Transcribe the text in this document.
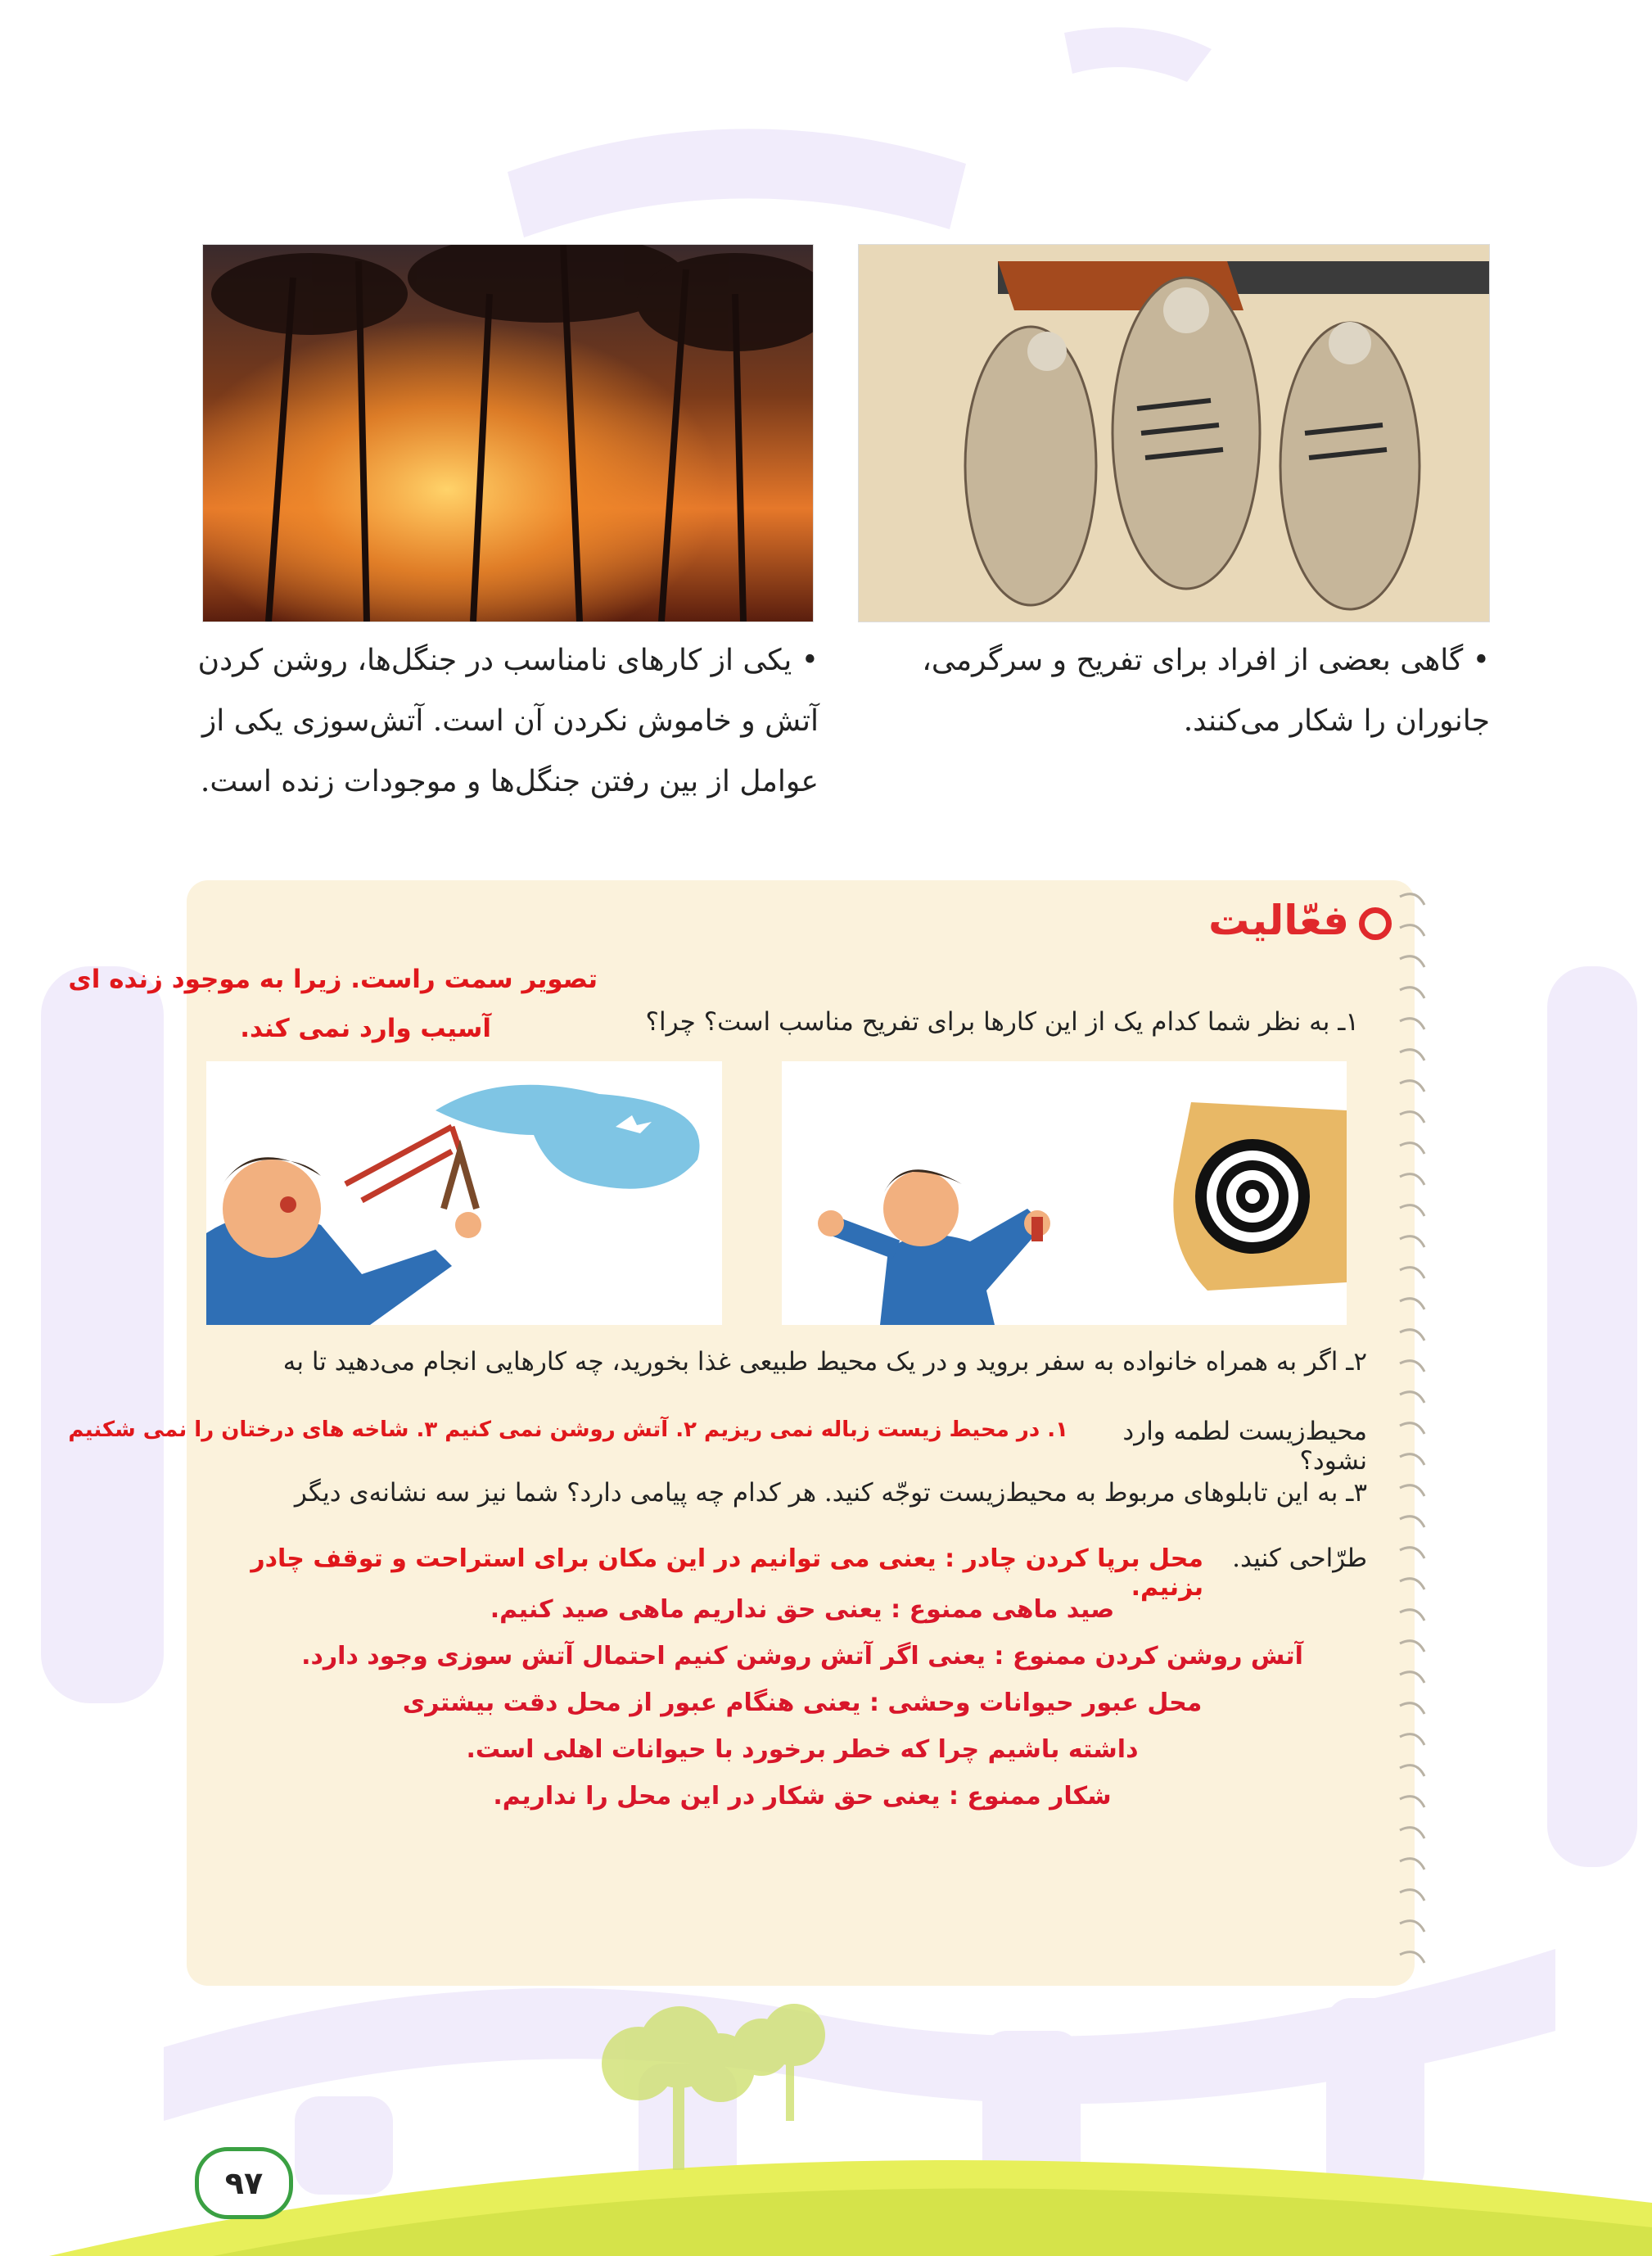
• یکی از کارهای نامناسب در جنگل‌ها، روشن کردن آتش و خاموش نکردن آن است. آتش‌سوزی یکی از عوامل از بین رفتن جنگل‌ها و موجودات زنده است.
• گاهی بعضی از افراد برای تفریح و سرگرمی، جانوران را شکار می‌کنند.
فعّالیت
تصویر سمت راست. زیرا به موجود زنده ای
آسیب وارد نمی کند.	۱ـ به نظر شما کدام یک از این کارها برای تفریح مناسب است؟ چرا؟
۲ـ اگر به همراه خانواده به سفر بروید و در یک محیط طبیعی غذا بخورید، چه کارهایی انجام می‌دهید تا به
محیط‌زیست لطمه وارد نشود؟
۱. در محیط زیست زباله نمی ریزیم ۲. آتش روشن نمی کنیم ۳. شاخه های درختان را نمی شکنیم
۳ـ به این تابلوهای مربوط به محیط‌زیست توجّه کنید. هر کدام چه پیامی دارد؟ شما نیز سه نشانه‌ی دیگر
طرّاحی کنید.
محل برپا کردن چادر : یعنی می توانیم در این مکان برای استراحت و توقف چادر بزنیم.
صید ماهی ممنوع : یعنی حق نداریم ماهی صید کنیم.
آتش روشن کردن ممنوع : یعنی اگر آتش روشن کنیم احتمال آتش سوزی وجود دارد.
محل عبور حیوانات وحشی : یعنی هنگام عبور از محل دقت بیشتری
داشته باشیم چرا که خطر برخورد با حیوانات اهلی است.
شکار ممنوع : یعنی حق شکار در این محل را نداریم.
۹۷
